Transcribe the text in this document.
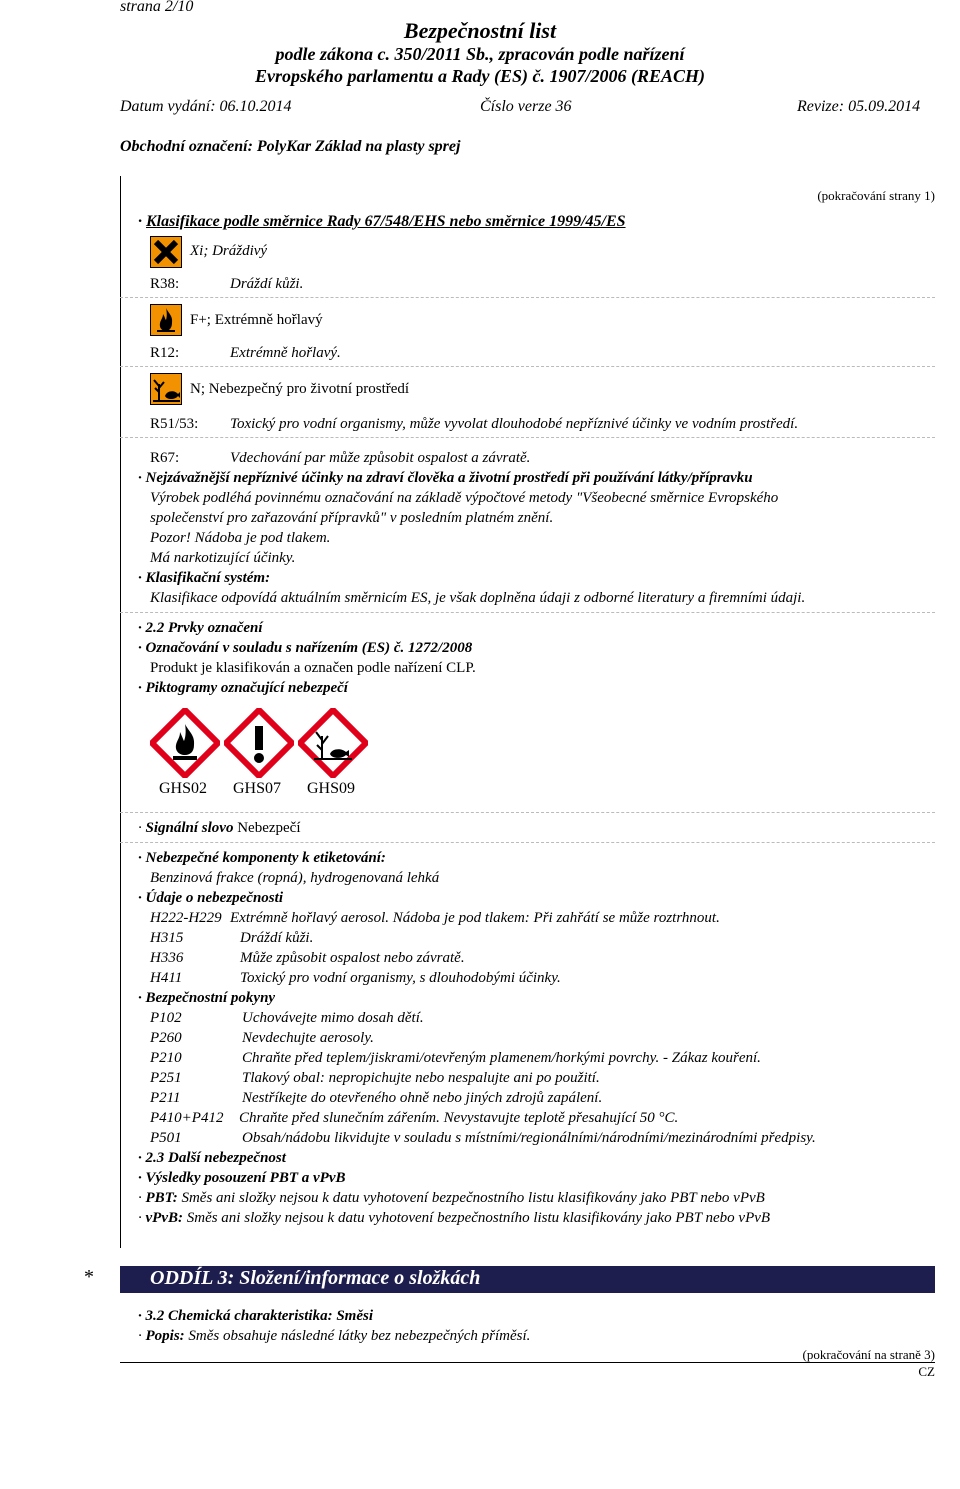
strana 2/10
Bezpečnostní list
podle zákona c. 350/2011 Sb., zpracován podle nařízení
Evropského parlamentu a Rady (ES) č. 1907/2006 (REACH)
Datum vydání: 06.10.2014	Číslo verze 36	Revize: 05.09.2014
Obchodní označení: PolyKar Základ na plasty sprej
(pokračování strany 1)
· Klasifikace podle směrnice Rady 67/548/EHS nebo směrnice 1999/45/ES
Xi; Dráždivý
R38:	Dráždí kůži.
F+; Extrémně hořlavý
R12:	Extrémně hořlavý.
N; Nebezpečný pro životní prostředí
R51/53: Toxický pro vodní organismy, může vyvolat dlouhodobé nepříznivé účinky ve vodním prostředí.
R67:	Vdechování par může způsobit ospalost a závratě.
· Nejzávažnější nepříznivé účinky na zdraví člověka a životní prostředí při používání látky/přípravku
Výrobek podléhá povinnému označování na základě výpočtové metody "Všeobecné směrnice Evropského
společenství pro zařazování přípravků" v posledním platném znění.
Pozor! Nádoba je pod tlakem.
Má narkotizující účinky.
· Klasifikační systém:
Klasifikace odpovídá aktuálním směrnicím ES, je však doplněna údaji z odborné literatury a firemními údaji.
· 2.2 Prvky označení
· Označování v souladu s nařízením (ES) č. 1272/2008
Produkt je klasifikován a označen podle nařízení CLP.
· Piktogramy označující nebezpečí
GHS02 GHS07 GHS09
· Signální slovo Nebezpečí
· Nebezpečné komponenty k etiketování:
Benzinová frakce (ropná), hydrogenovaná lehká
· Údaje o nebezpečnosti
H222-H229 Extrémně hořlavý aerosol. Nádoba je pod tlakem: Při zahřátí se může roztrhnout.
H315	Dráždí kůži.
H336	Může způsobit ospalost nebo závratě.
H411	Toxický pro vodní organismy, s dlouhodobými účinky.
· Bezpečnostní pokyny
P102	Uchovávejte mimo dosah dětí.
P260	Nevdechujte aerosoly.
P210	Chraňte před teplem/jiskrami/otevřeným plamenem/horkými povrchy. - Zákaz kouření.
P251	Tlakový obal: nepropichujte nebo nespalujte ani po použití.
P211	Nestříkejte do otevřeného ohně nebo jiných zdrojů zapálení.
P410+P412 Chraňte před slunečním zářením. Nevystavujte teplotě přesahující 50 °C.
P501	Obsah/nádobu likvidujte v souladu s místními/regionálními/národními/mezinárodními předpisy.
· 2.3 Další nebezpečnost
· Výsledky posouzení PBT a vPvB
· PBT: Směs ani složky nejsou k datu vyhotovení bezpečnostního listu klasifikovány jako PBT nebo vPvB
· vPvB: Směs ani složky nejsou k datu vyhotovení bezpečnostního listu klasifikovány jako PBT nebo vPvB
*	ODDÍL 3: Složení/informace o složkách
· 3.2 Chemická charakteristika: Směsi
· Popis: Směs obsahuje následné látky bez nebezpečných příměsí.
(pokračování na straně 3)
CZ
